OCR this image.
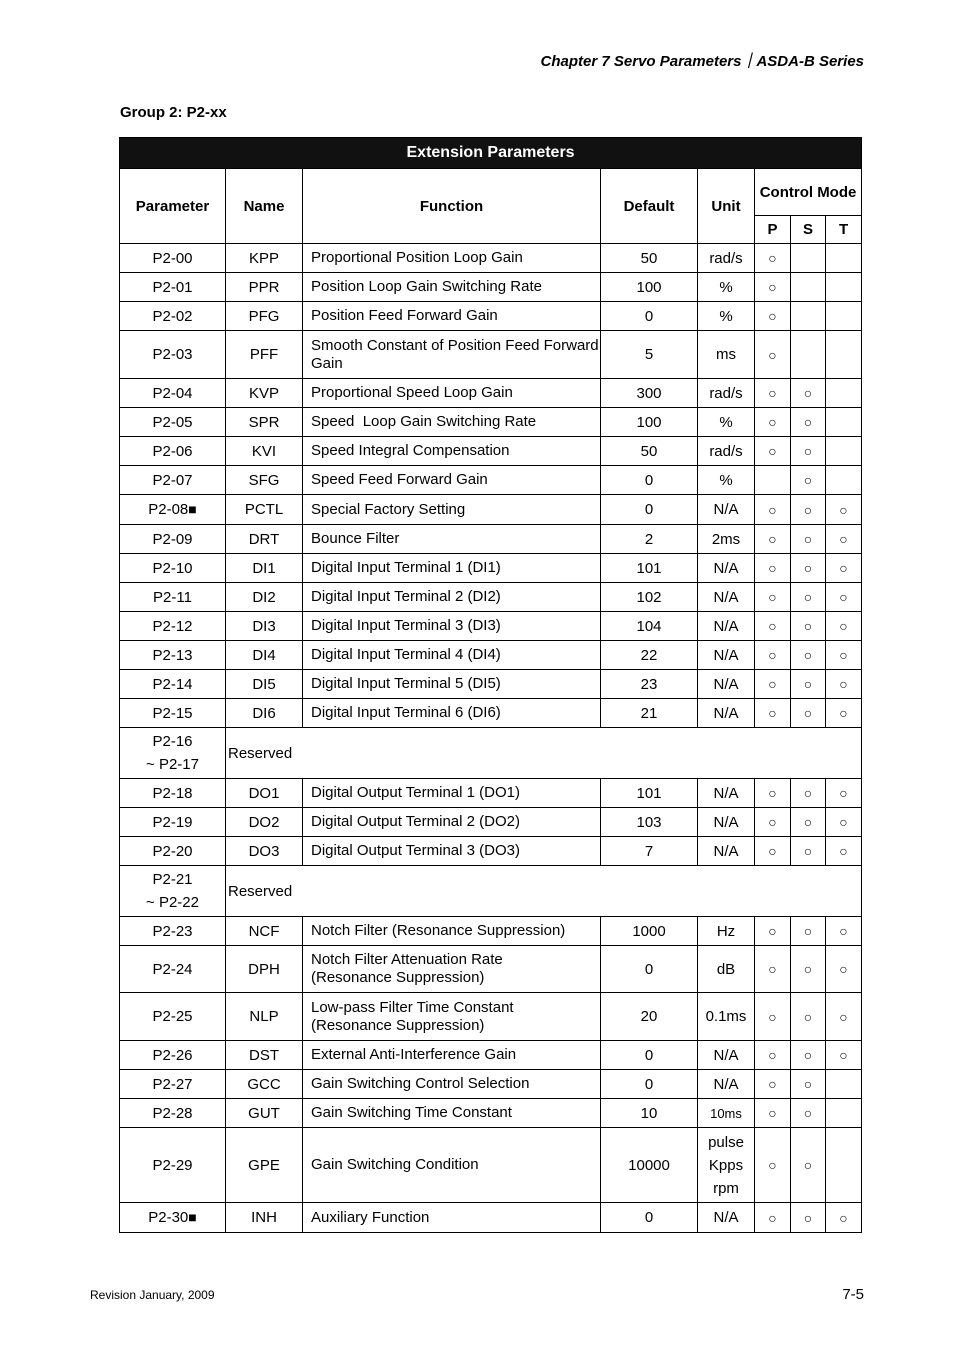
Chapter 7 Servo Parameters｜ASDA-B Series
Group 2: P2-xx
Extension Parameters							
Parameter	Name	Function	Default	Unit	Control Mode		
					P	S	T
P2-00	KPP	Proportional Position Loop Gain	50	rad/s	○		
P2-01	PPR	Position Loop Gain Switching Rate	100	%	○		
P2-02	PFG	Position Feed Forward Gain	0	%	○		
P2-03	PFF	Smooth Constant of Position Feed Forward Gain	5	ms	○		
P2-04	KVP	Proportional Speed Loop Gain	300	rad/s	○	○	
P2-05	SPR	Speed  Loop Gain Switching Rate	100	%	○	○	
P2-06	KVI	Speed Integral Compensation	50	rad/s	○	○	
P2-07	SFG	Speed Feed Forward Gain	0	%		○	
P2-08■	PCTL	Special Factory Setting	0	N/A	○	○	○
P2-09	DRT	Bounce Filter	2	2ms	○	○	○
P2-10	DI1	Digital Input Terminal 1 (DI1)	101	N/A	○	○	○
P2-11	DI2	Digital Input Terminal 2 (DI2)	102	N/A	○	○	○
P2-12	DI3	Digital Input Terminal 3 (DI3)	104	N/A	○	○	○
P2-13	DI4	Digital Input Terminal 4 (DI4)	22	N/A	○	○	○
P2-14	DI5	Digital Input Terminal 5 (DI5)	23	N/A	○	○	○
P2-15	DI6	Digital Input Terminal 6 (DI6)	21	N/A	○	○	○

P2-16
~ P2-17	Reserved						
P2-18	DO1	Digital Output Terminal 1 (DO1)	101	N/A	○	○	○
P2-19	DO2	Digital Output Terminal 2 (DO2)	103	N/A	○	○	○
P2-20	DO3	Digital Output Terminal 3 (DO3)	7	N/A	○	○	○

P2-21
~ P2-22	Reserved						
P2-23	NCF	Notch Filter (Resonance Suppression)	1000	Hz	○	○	○
P2-24	DPH	Notch Filter Attenuation Rate
(Resonance Suppression)	0	dB	○	○	○
P2-25	NLP	Low-pass Filter Time Constant
(Resonance Suppression)	20	0.1ms	○	○	○
P2-26	DST	External Anti-Interference Gain	0	N/A	○	○	○
P2-27	GCC	Gain Switching Control Selection	0	N/A	○	○	
P2-28	GUT	Gain Switching Time Constant	10	10ms	○	○	
P2-29	GPE	Gain Switching Condition	10000	pulse
Kpps
rpm	○	○	
P2-30■	INH	Auxiliary Function	0	N/A	○	○	○
Revision January, 2009	7-5
